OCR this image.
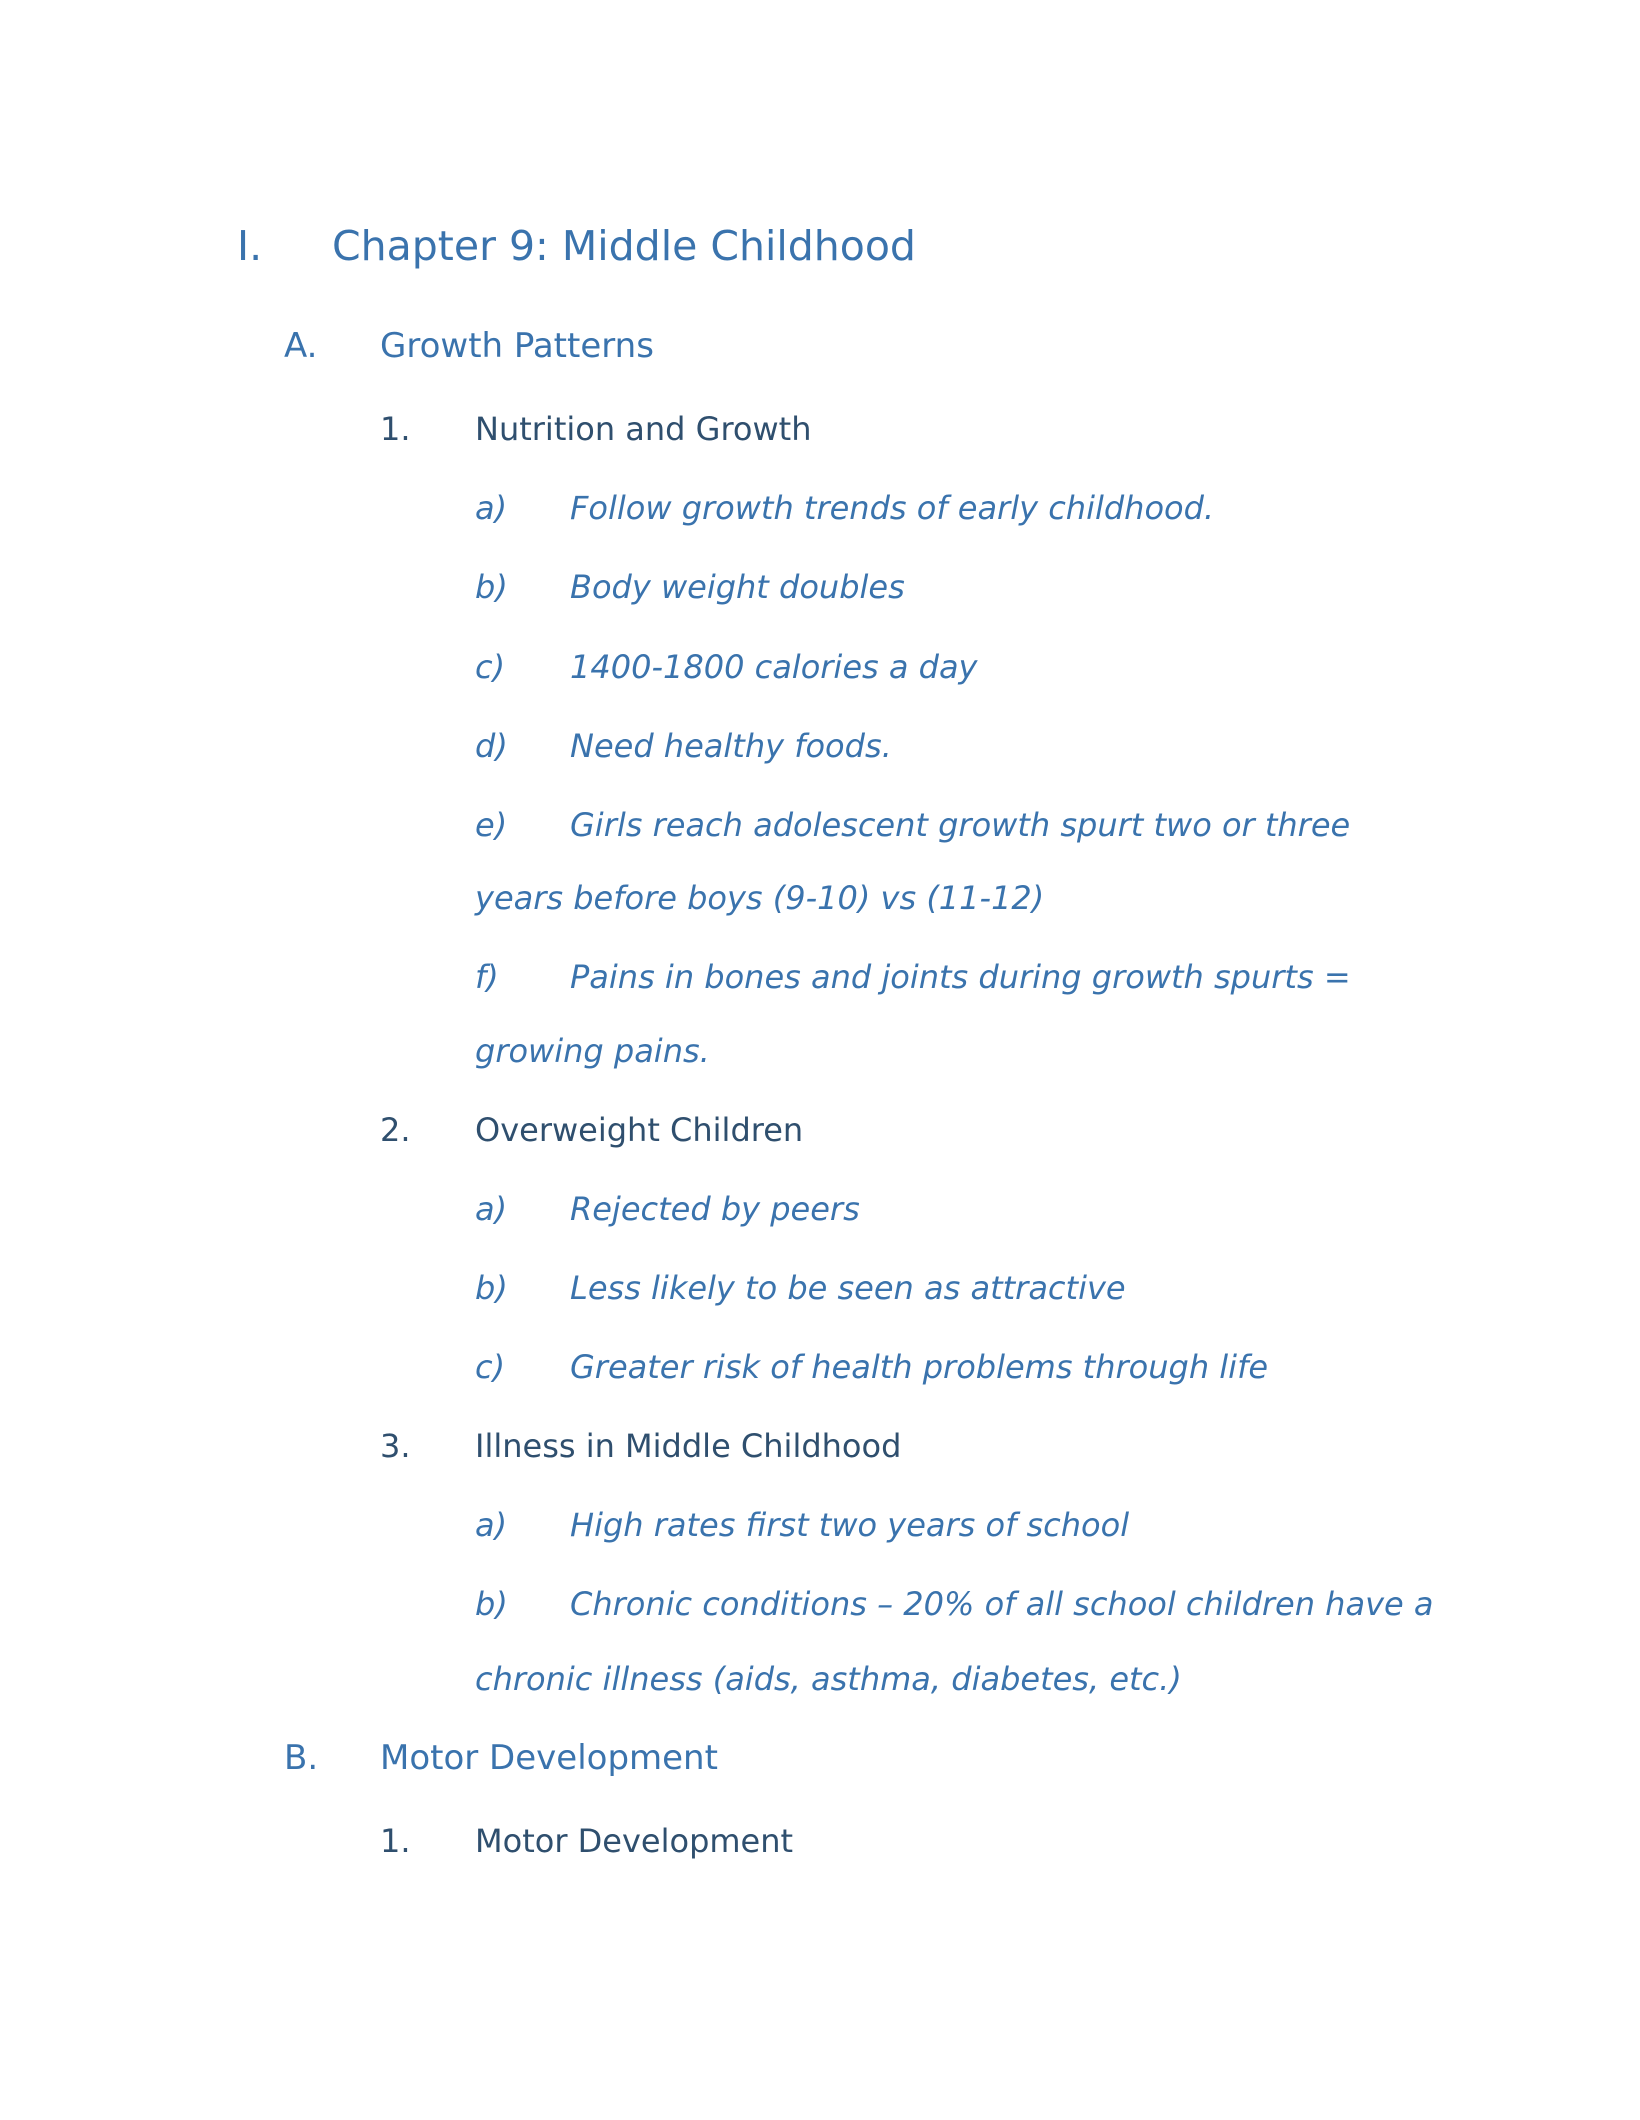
I. Chapter 9: Middle Childhood
A. Growth Patterns
1. Nutrition and Growth
a) Follow growth trends of early childhood.
b) Body weight doubles
c) 1400-1800 calories a day
d) Need healthy foods.
e) Girls reach adolescent growth spurt two or three
years before boys (9-10) vs (11-12)
f) Pains in bones and joints during growth spurts =
growing pains.
2. Overweight Children
a) Rejected by peers
b) Less likely to be seen as attractive
c) Greater risk of health problems through life
3. Illness in Middle Childhood
a) High rates first two years of school
b) Chronic conditions – 20% of all school children have a
chronic illness (aids, asthma, diabetes, etc.)
B. Motor Development
1. Motor Development
